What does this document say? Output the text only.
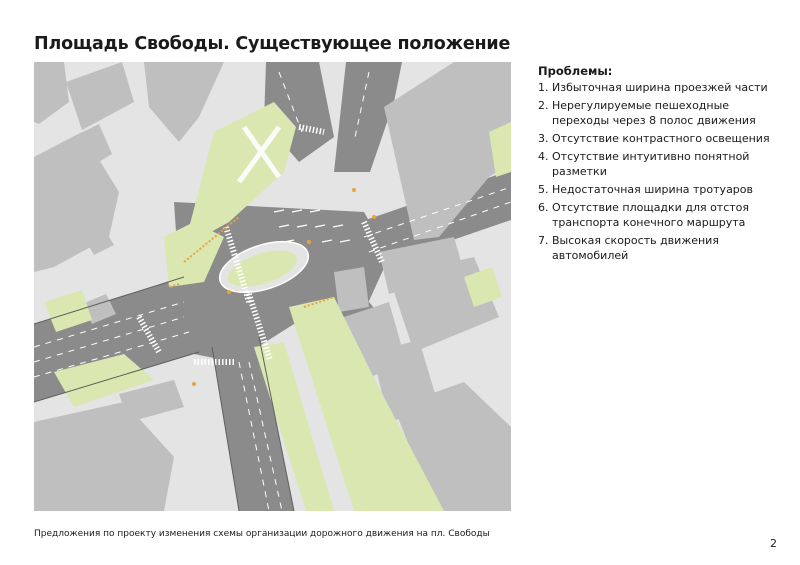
Площадь Свободы. Существующее положение

Проблемы:

1. Избыточная ширина проезжей части
2. Нерегулируемые пешеходные переходы через 8 полос движения
3. Отсутствие контрастного освещения
4. Отсутствие интуитивно понятной разметки
5. Недостаточная ширина тротуаров
6. Отсутствие площадки для отстоя транспорта конечного маршрута
7. Высокая скорость движения автомобилей

Предложения по проекту изменения схемы организации дорожного движения на пл. Свободы

2
